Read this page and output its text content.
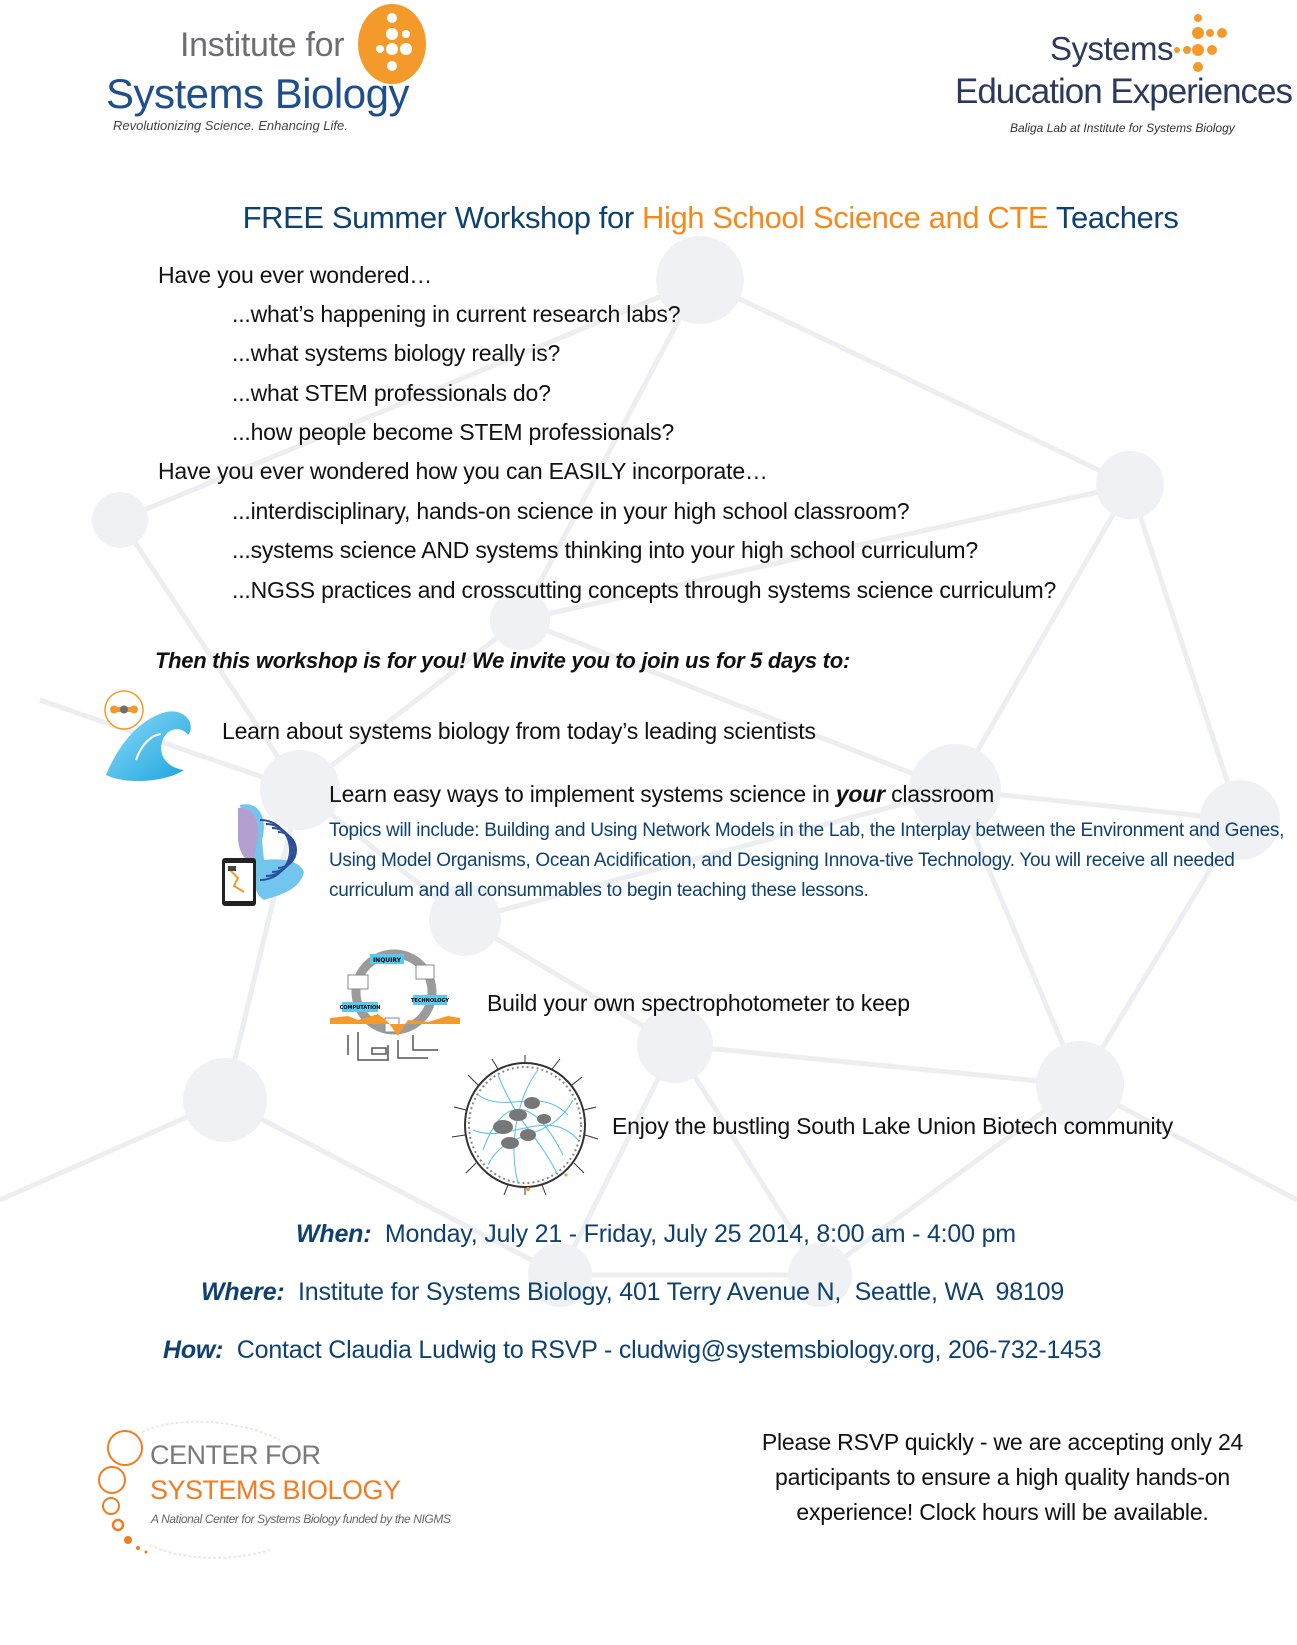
Institute for
Systems Biology
Revolutionizing Science. Enhancing Life.
Systems
Education Experiences
Baliga Lab at Institute for Systems Biology
FREE Summer Workshop for High School Science and CTE Teachers
Have you ever wondered…
...what’s happening in current research labs?
...what systems biology really is?
...what STEM professionals do?
...how people become STEM professionals?
Have you ever wondered how you can EASILY incorporate…
...interdisciplinary, hands-on science in your high school classroom?
...systems science AND systems thinking into your high school curriculum?
...NGSS practices and crosscutting concepts through systems science curriculum?
Then this workshop is for you! We invite you to join us for 5 days to:
Learn about systems biology from today’s leading scientists
Learn easy ways to implement systems science in your classroom
Topics will include: Building and Using Network Models in the Lab, the Interplay between the Environment and Genes, Using Model Organisms, Ocean Acidification, and Designing Innova-tive Technology. You will receive all needed curriculum and all consummables to begin teaching these lessons.
INQUIRY
TECHNOLOGY
COMPUTATION	Build your own spectrophotometer to keep
Enjoy the bustling South Lake Union Biotech community
When:  Monday, July 21 - Friday, July 25 2014, 8:00 am - 4:00 pm
Where:  Institute for Systems Biology, 401 Terry Avenue N,  Seattle, WA  98109
How:  Contact Claudia Ludwig to RSVP - cludwig@systemsbiology.org, 206-732-1453
CENTER FOR
SYSTEMS BIOLOGY
A National Center for Systems Biology funded by the NIGMS
Please RSVP quickly - we are accepting only 24
participants to ensure a high quality hands-on
experience! Clock hours will be available.
